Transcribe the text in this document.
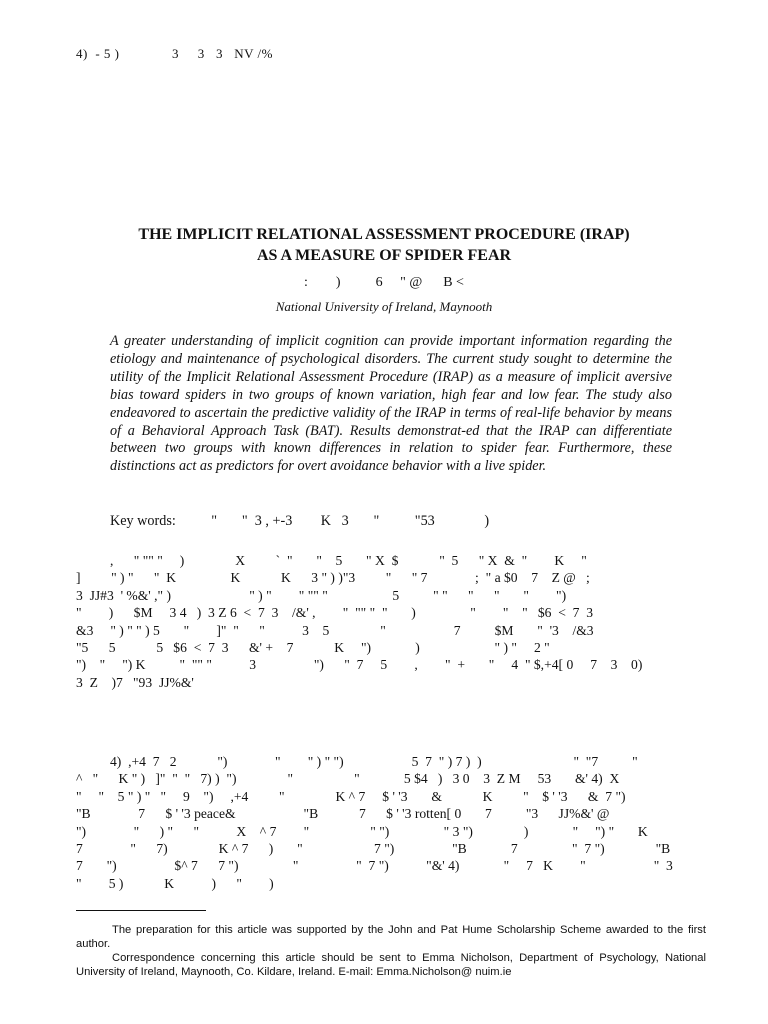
4)  - 5 )              3     3   3   NV /%
THE IMPLICIT RELATIONAL ASSESSMENT PROCEDURE (IRAP)
AS A MEASURE OF SPIDER FEAR
:        )          6     " @      B <
National University of Ireland, Maynooth
A greater understanding of implicit cognition can provide important information regarding the etiology and maintenance of psychological disorders. The current study sought to determine the utility of the Implicit Relational Assessment Procedure (IRAP) as a measure of implicit aversive bias toward spiders in two groups of known variation, high fear and low fear. The study also endeavored to ascertain the predictive validity of the IRAP in terms of real-life behavior by means of a Behavioral Approach Task (BAT). Results demonstrat-ed that the IRAP can differentiate between two groups with known differences in relation to spider fear. Furthermore, these distinctions act as predictors for overt avoidance behavior with a live spider.
Key words:          "       "  3 , +-3        K   3       "          "53              )
,      " "" "     )               X         `  "       "    5       " X  $            "  5      " X  &  "        K     "
]         " ) "      "  K                K            K      3 " ) )"3         "      " 7              ;  " a $0    7    Z @   ;
3  JJ#3  ' %&' ," )                       " ) "        " "" "                   5          " "      "      "       "        ")
"        )      $M     3 4   )  3 Z 6  <  7  3    /&' ,        "  "" "  "       )                "        "    "   $6  <  7  3
&3     " ) " " ) 5       "        ]"  "      "           3    5               "                    7          $M       "  '3    /&3
"5      5            5   $6  <  7  3      &' +    7            K     ")             )                      " ) "     2 "
")    "     ") K          "  "" "           3                 ")      "  7     5        ,        "  +       "     4  " $,+4[ 0     7    3    0)
3  Z    )7   "93  JJ%&'
4)  ,+4  7   2            ")              "        " ) " ")                    5  7  " ) 7 )  )                           "  "7          "
^   "      K " )   ]"  "  "   7) )  ")               "                  "             5 $4   )   3 0    3  Z M     53       &' 4)  X
"     "    5 " ) "   "     9    ")     ,+4         "               K ^ 7     $ ' '3       &            K         "    $ ' '3      &  7 ")
"B              7      $ ' '3 peace&                    "B            7      $ ' '3 rotten[ 0       7          "3      JJ%&' @
")              "      ) "      "           X    ^ 7        "                  " ")                " 3 ")               )             "     ") "       K
7              "      7)               K ^ 7      )       "                     7 ")                 "B             7                "  7 ")               "B
7       ")                 $^ 7      7 ")                "                 "  7 ")           "&' 4)             "     7   K        "                    "  3
"        5 )            K           )      "        )
The preparation for this article was supported by the John and Pat Hume Scholarship Scheme awarded to the first author.
Correspondence concerning this article should be sent to Emma Nicholson, Department of Psychology, National University of Ireland, Maynooth, Co. Kildare, Ireland. E-mail: Emma.Nicholson@ nuim.ie
